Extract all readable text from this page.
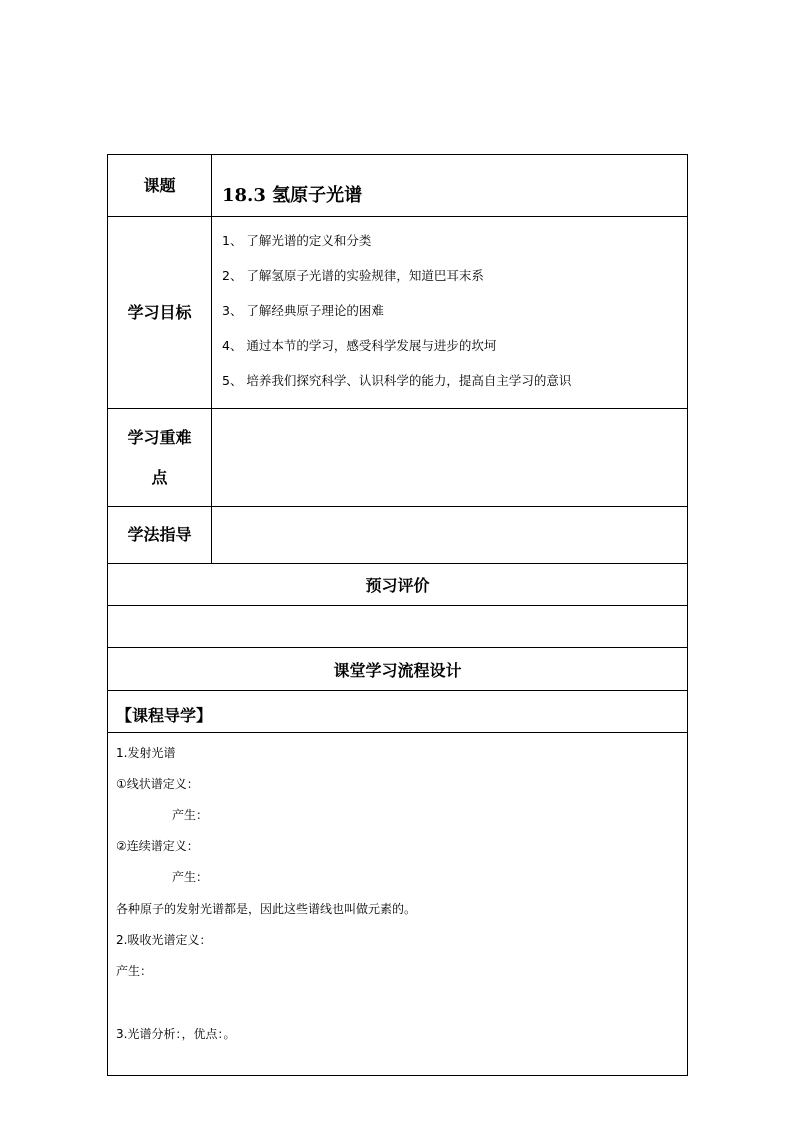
课题	18.3 氢原子光谱
学习目标
1、 了解光谱的定义和分类
2、 了解氢原子光谱的实验规律，知道巴耳末系
3、 了解经典原子理论的困难
4、 通过本节的学习，感受科学发展与进步的坎坷
5、 培养我们探究科学、认识科学的能力，提高自主学习的意识
学习重难点
学法指导
预习评价
课堂学习流程设计
【课程导学】
1.发射光谱
①线状谱定义：
产生：
②连续谱定义：
产生：
各种原子的发射光谱都是，因此这些谱线也叫做元素的。
2.吸收光谱定义：
产生：
3.光谱分析：，优点：。
